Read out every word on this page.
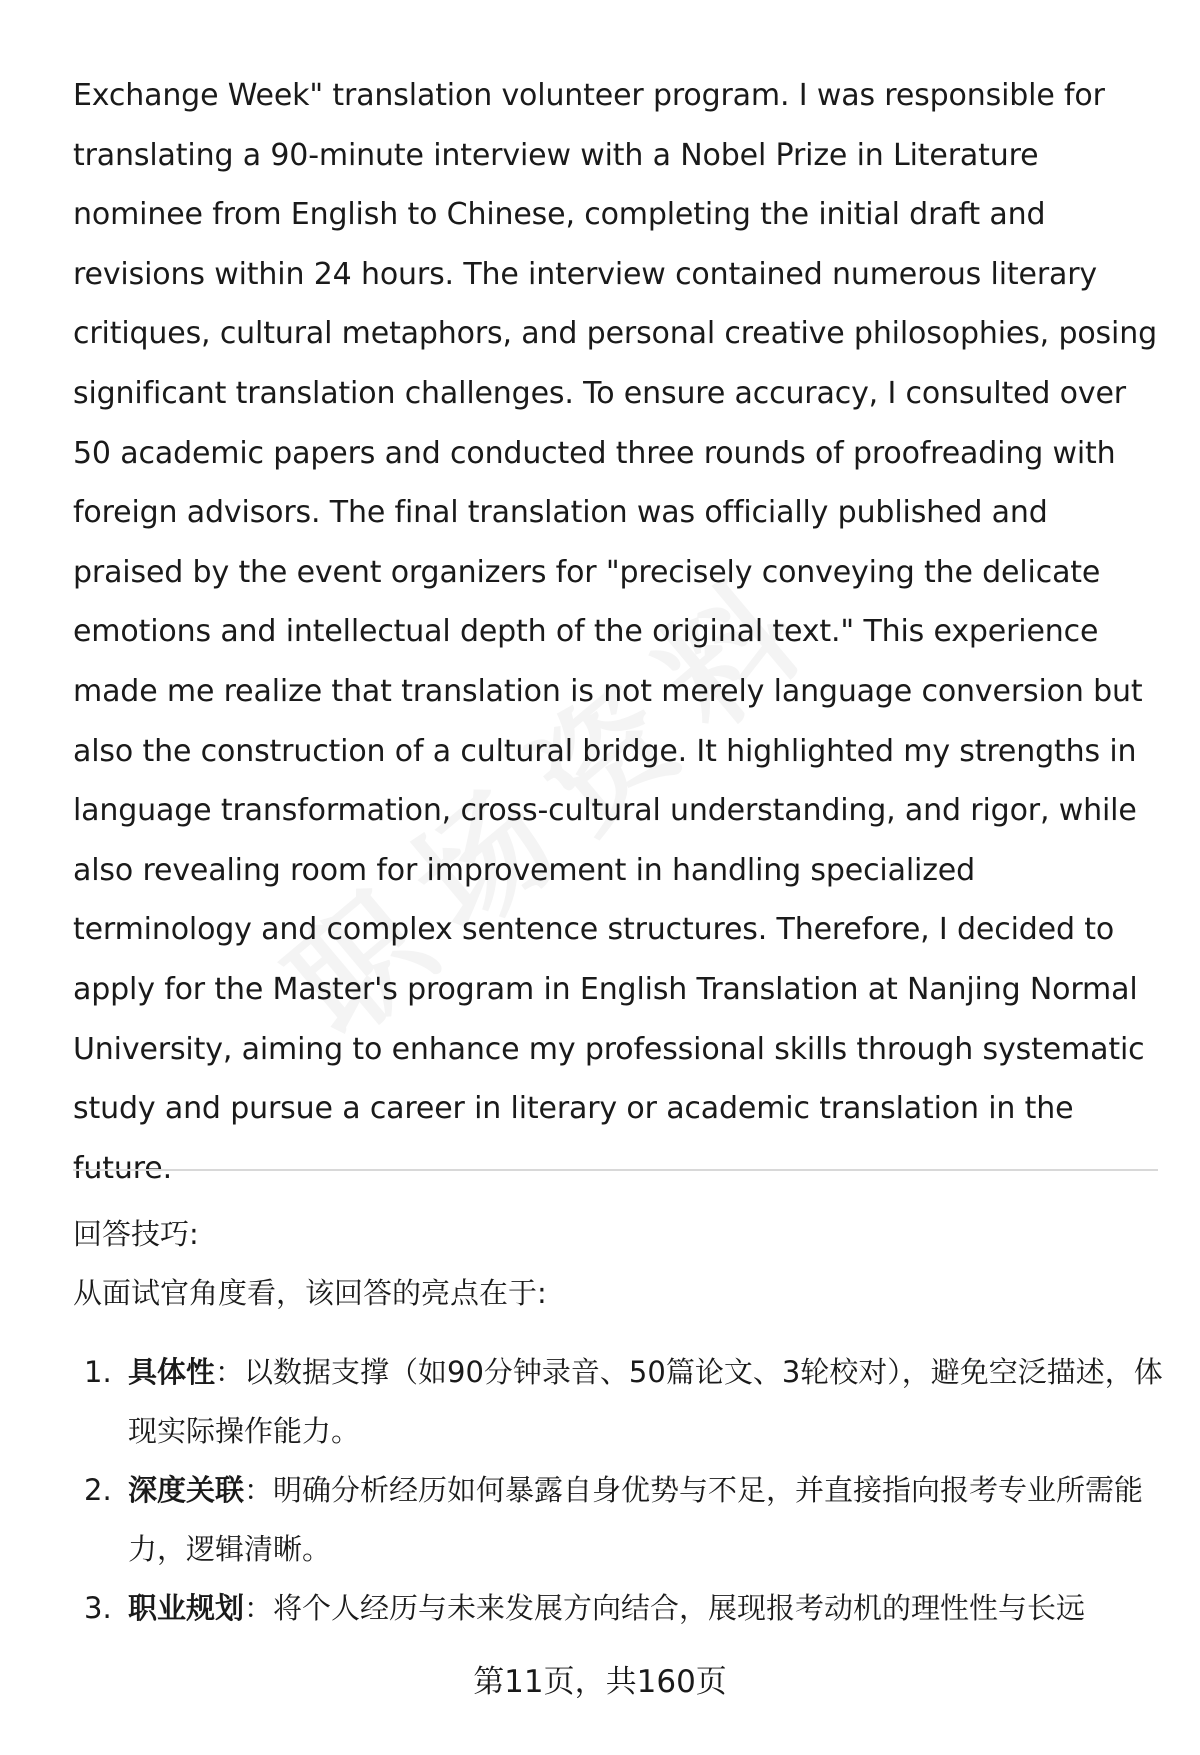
Exchange Week" translation volunteer program. I was responsible for translating a 90-minute interview with a Nobel Prize in Literature nominee from English to Chinese, completing the initial draft and revisions within 24 hours. The interview contained numerous literary critiques, cultural metaphors, and personal creative philosophies, posing significant translation challenges. To ensure accuracy, I consulted over 50 academic papers and conducted three rounds of proofreading with foreign advisors. The final translation was officially published and praised by the event organizers for "precisely conveying the delicate emotions and intellectual depth of the original text." This experience made me realize that translation is not merely language conversion but also the construction of a cultural bridge. It highlighted my strengths in language transformation, cross-cultural understanding, and rigor, while also revealing room for improvement in handling specialized terminology and complex sentence structures. Therefore, I decided to apply for the Master's program in English Translation at Nanjing Normal University, aiming to enhance my professional skills through systematic study and pursue a career in literary or academic translation in the future.

回答技巧:

从面试官角度看，该回答的亮点在于:

1. 具体性：以数据支撑（如90分钟录音、50篇论文、3轮校对），避免空泛描述，体现实际操作能力。
2. 深度关联：明确分析经历如何暴露自身优势与不足，并直接指向报考专业所需能力，逻辑清晰。
3. 职业规划：将个人经历与未来发展方向结合，展现报考动机的理性性与长远
第11页，共160页
